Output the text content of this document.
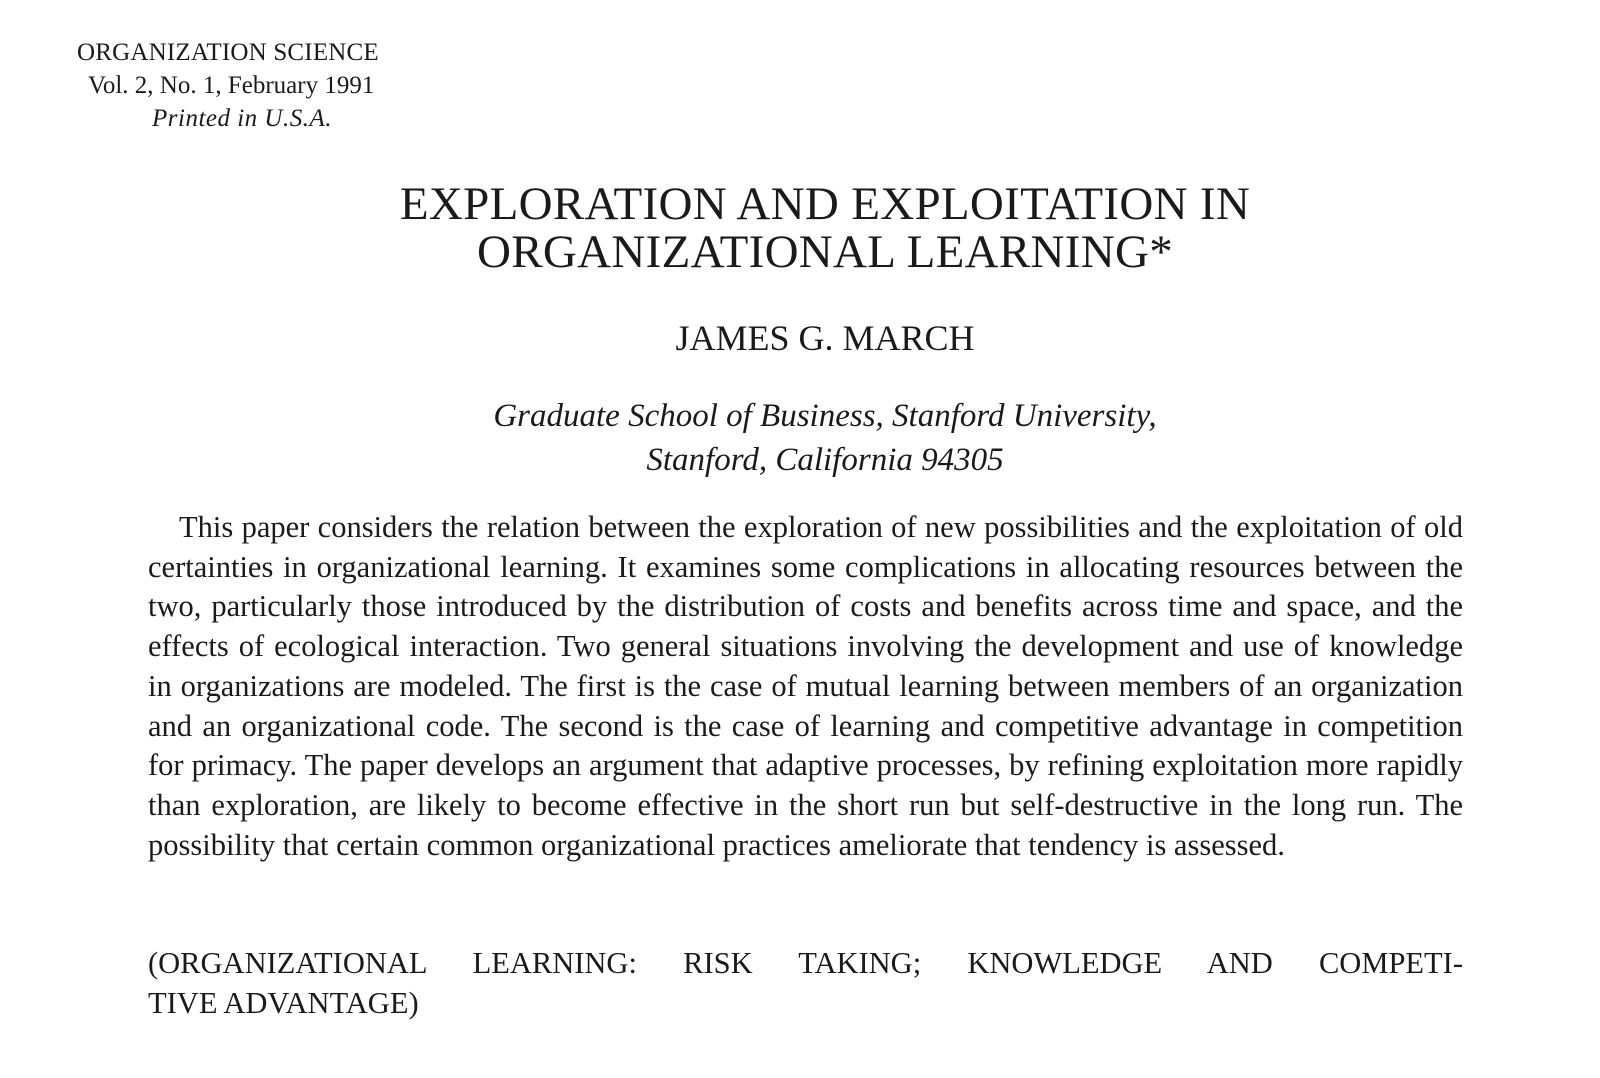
ORGANIZATION SCIENCE
Vol. 2, No. 1, February 1991
Printed in U.S.A.
EXPLORATION AND EXPLOITATION IN
ORGANIZATIONAL LEARNING*
JAMES G. MARCH
Graduate School of Business, Stanford University,
Stanford, California 94305

This paper considers the relation between the exploration of new possibilities and the exploitation of old certainties in organizational learning. It examines some complications in allocating resources between the two, particularly those introduced by the distribution of costs and benefits across time and space, and the effects of ecological interaction. Two general situations involving the development and use of knowledge in organizations are modeled. The first is the case of mutual learning between members of an organization and an organizational code. The second is the case of learning and competitive advantage in competition for primacy. The paper develops an argument that adaptive processes, by refining exploitation more rapidly than exploration, are likely to become effective in the short run but self-destructive in the long run. The possibility that certain common organizational practices ameliorate that tendency is assessed.

(ORGANIZATIONAL LEARNING: RISK TAKING; KNOWLEDGE AND COMPETI-
TIVE ADVANTAGE)
